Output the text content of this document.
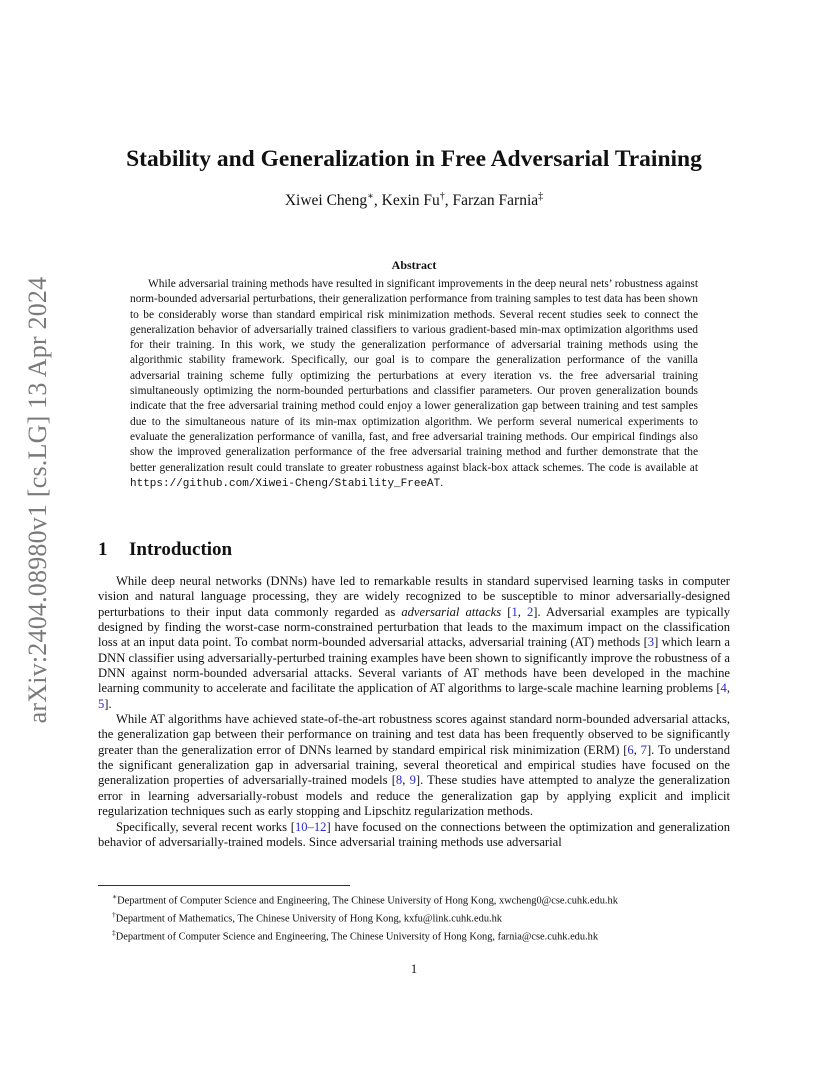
arXiv:2404.08980v1 [cs.LG] 13 Apr 2024
Stability and Generalization in Free Adversarial Training

Xiwei Cheng∗, Kexin Fu†, Farzan Farnia‡

Abstract

While adversarial training methods have resulted in significant improvements in the deep neural nets’ robustness against norm-bounded adversarial perturbations, their generalization performance from training samples to test data has been shown to be considerably worse than standard empirical risk minimization methods. Several recent studies seek to connect the generalization behavior of adversarially trained classifiers to various gradient-based min-max optimization algorithms used for their training. In this work, we study the generalization performance of adversarial training methods using the algorithmic stability framework. Specifically, our goal is to compare the generalization performance of the vanilla adversarial training scheme fully optimizing the perturbations at every iteration vs. the free adversarial training simultaneously optimizing the norm-bounded perturbations and classifier parameters. Our proven generalization bounds indicate that the free adversarial training method could enjoy a lower generalization gap between training and test samples due to the simultaneous nature of its min-max optimization algorithm. We perform several numerical experiments to evaluate the generalization performance of vanilla, fast, and free adversarial training methods. Our empirical findings also show the improved generalization performance of the free adversarial training method and further demonstrate that the better generalization result could translate to greater robustness against black-box attack schemes. The code is available at https://github.com/Xiwei-Cheng/Stability_FreeAT.

1 Introduction

While deep neural networks (DNNs) have led to remarkable results in standard supervised learning tasks in computer vision and natural language processing, they are widely recognized to be susceptible to minor adversarially-designed perturbations to their input data commonly regarded as adversarial attacks [1, 2]. Adversarial examples are typically designed by finding the worst-case norm-constrained perturbation that leads to the maximum impact on the classification loss at an input data point. To combat norm-bounded adversarial attacks, adversarial training (AT) methods [3] which learn a DNN classifier using adversarially-perturbed training examples have been shown to significantly improve the robustness of a DNN against norm-bounded adversarial attacks. Several variants of AT methods have been developed in the machine learning community to accelerate and facilitate the application of AT algorithms to large-scale machine learning problems [4, 5].

While AT algorithms have achieved state-of-the-art robustness scores against standard norm-bounded adversarial attacks, the generalization gap between their performance on training and test data has been frequently observed to be significantly greater than the generalization error of DNNs learned by standard empirical risk minimization (ERM) [6, 7]. To understand the significant generalization gap in adversarial training, several theoretical and empirical studies have focused on the generalization properties of adversarially-trained models [8, 9]. These studies have attempted to analyze the generalization error in learning adversarially-robust models and reduce the generalization gap by applying explicit and implicit regularization techniques such as early stopping and Lipschitz regularization methods.

Specifically, several recent works [10–12] have focused on the connections between the optimization and generalization behavior of adversarially-trained models. Since adversarial training methods use adversarial

∗Department of Computer Science and Engineering, The Chinese University of Hong Kong, xwcheng0@cse.cuhk.edu.hk
†Department of Mathematics, The Chinese University of Hong Kong, kxfu@link.cuhk.edu.hk
‡Department of Computer Science and Engineering, The Chinese University of Hong Kong, farnia@cse.cuhk.edu.hk

1
